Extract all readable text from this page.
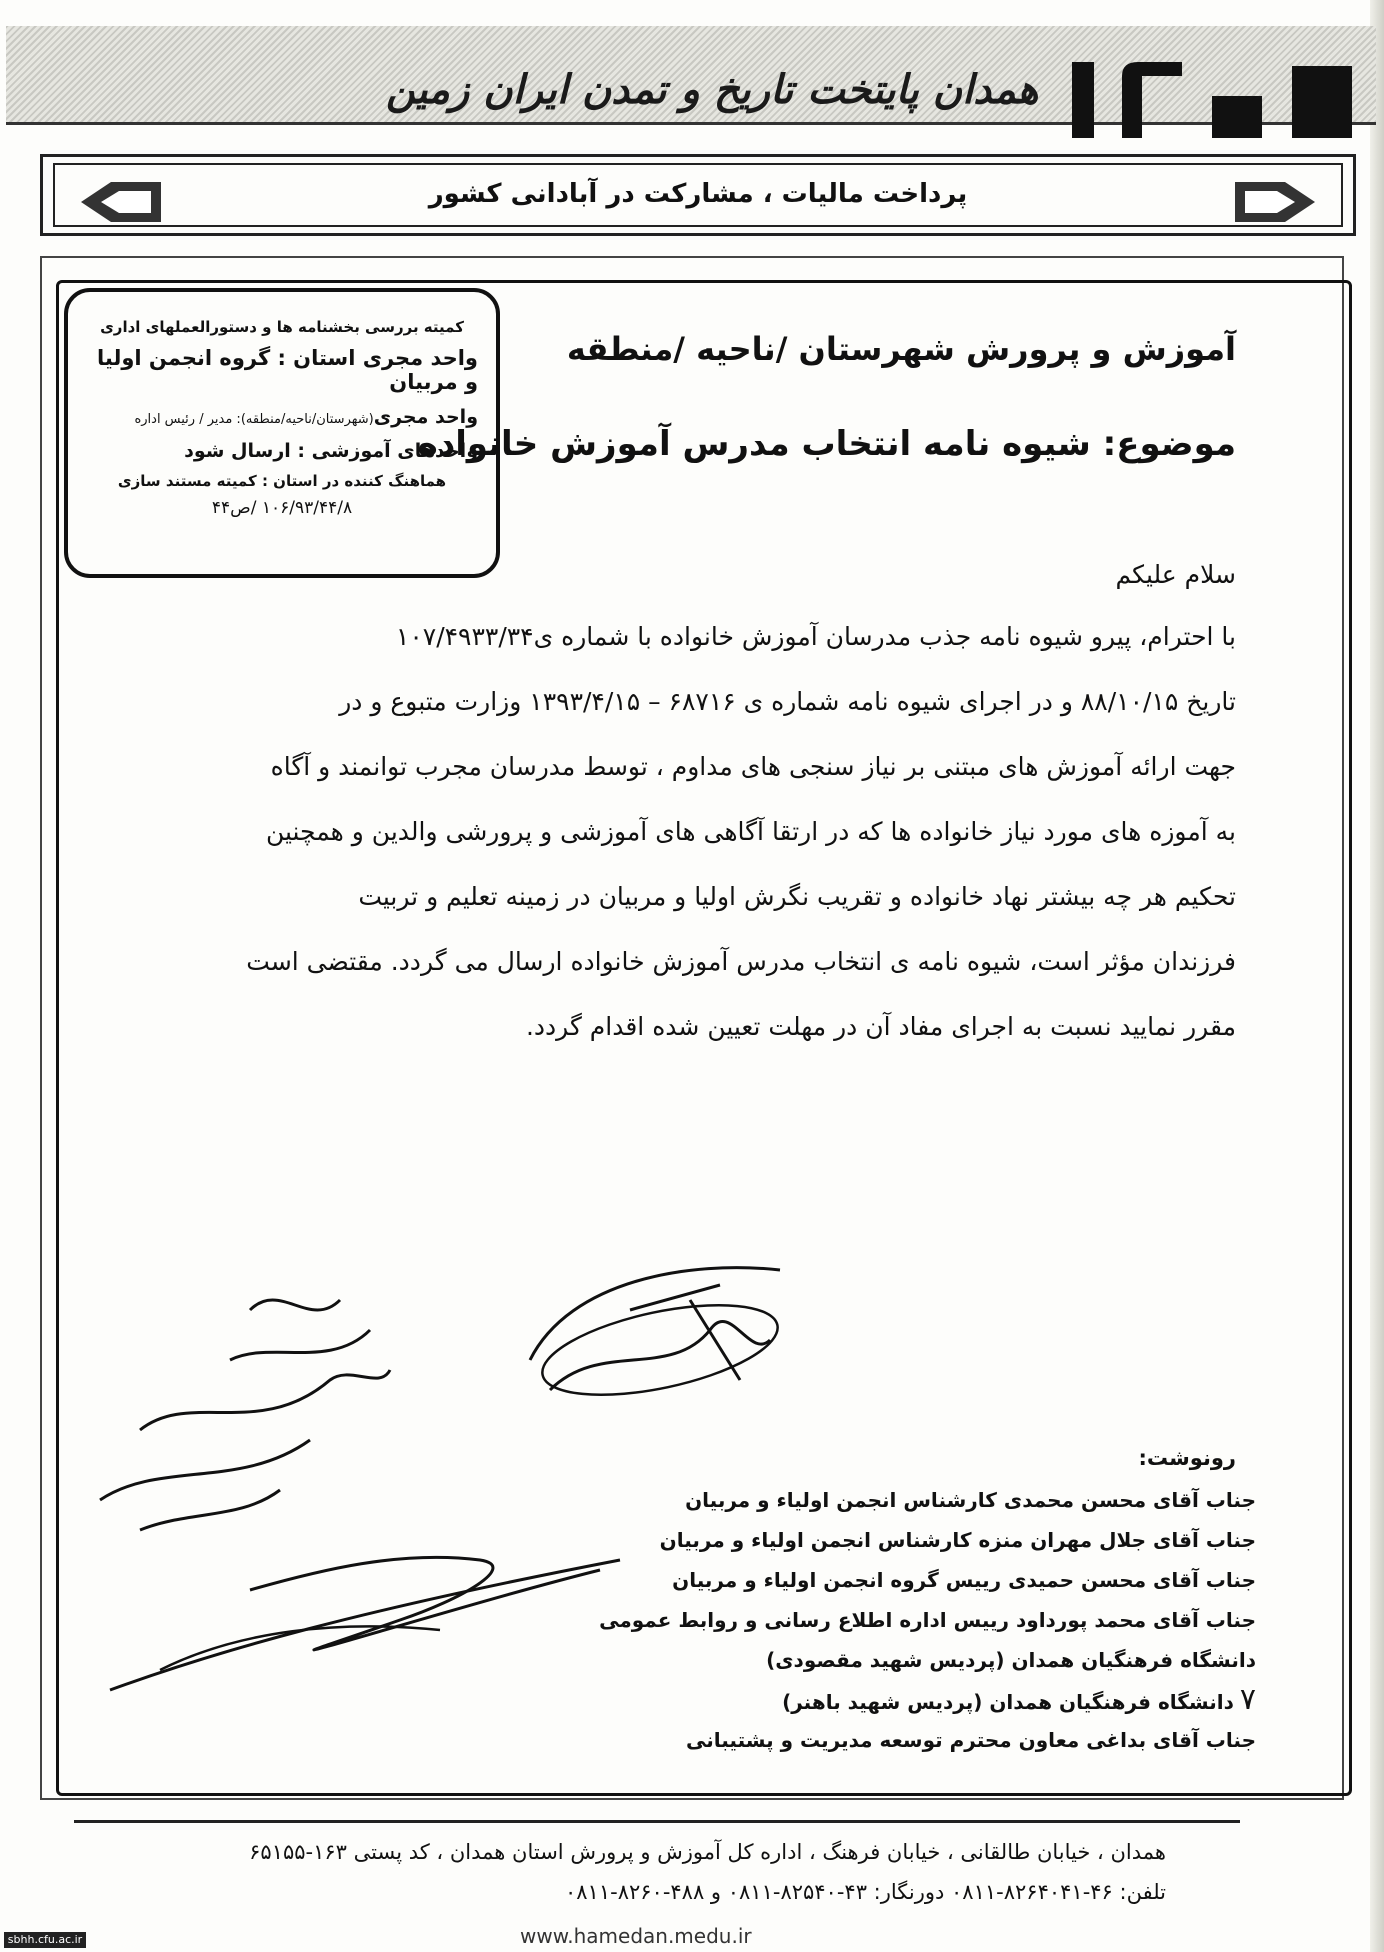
همدان پایتخت تاریخ و تمدن ایران زمین
پرداخت مالیات ، مشارکت در آبادانی کشور
کمیته بررسی بخشنامه ها و دستورالعملهای اداری
واحد مجری استان : گروه انجمن اولیا و مربیان
واحد مجری(شهرستان/ناحیه/منطقه): مدیر / رئیس اداره
واحدهای آموزشی : ارسال شود
هماهنگ کننده در استان : کمیته مستند سازی
۱۰۶/۹۳/۴۴/۸ /ص۴۴
آموزش و پرورش شهرستان /ناحیه /منطقه
موضوع: شیوه نامه انتخاب مدرس آموزش خانواده
سلام علیکم

با احترام، پیرو شیوه نامه جذب مدرسان آموزش خانواده با شماره ی۱۰۷/۴۹۳۳/۳۴

تاریخ ۸۸/۱۰/۱۵ و در اجرای شیوه نامه شماره ی ۶۸۷۱۶ – ۱۳۹۳/۴/۱۵ وزارت متبوع و در

جهت ارائه آموزش های مبتنی بر نیاز سنجی های مداوم ، توسط مدرسان مجرب توانمند و آگاه

به آموزه های مورد نیاز خانواده ها که در ارتقا آگاهی های آموزشی و پرورشی والدین و همچنین

تحکیم هر چه بیشتر نهاد خانواده و تقریب نگرش اولیا و مربیان در زمینه تعلیم و تربیت

فرزندان مؤثر است، شیوه نامه ی انتخاب مدرس آموزش خانواده ارسال می گردد. مقتضی است

مقرر نمایید نسبت به اجرای مفاد آن در مهلت تعیین شده اقدام گردد.

رونوشت:
جناب آقای محسن محمدی کارشناس انجمن اولیاء و مربیان
جناب آقای جلال مهران منزه کارشناس انجمن اولیاء و مربیان
جناب آقای محسن حمیدی رییس گروه انجمن اولیاء و مربیان
جناب آقای محمد پورداود رییس اداره اطلاع رسانی و روابط عمومی
دانشگاه فرهنگیان همدان (پردیس شهید مقصودی)
۷دانشگاه فرهنگیان همدان (پردیس شهید باهنر)
جناب آقای بداغی معاون محترم توسعه مدیریت و پشتیبانی
همدان ، خیابان طالقانی ، خیابان فرهنگ ، اداره کل آموزش و پرورش استان همدان ، کد پستی ۱۶۳-۶۵۱۵۵
تلفن: ۴۶-۸۲۶۴۰۴۱-۰۸۱۱ دورنگار: ۴۳-۸۲۵۴۰-۰۸۱۱ و ۴۸۸-۸۲۶۰-۰۸۱۱
www.hamedan.medu.ir
sbhh.cfu.ac.ir
